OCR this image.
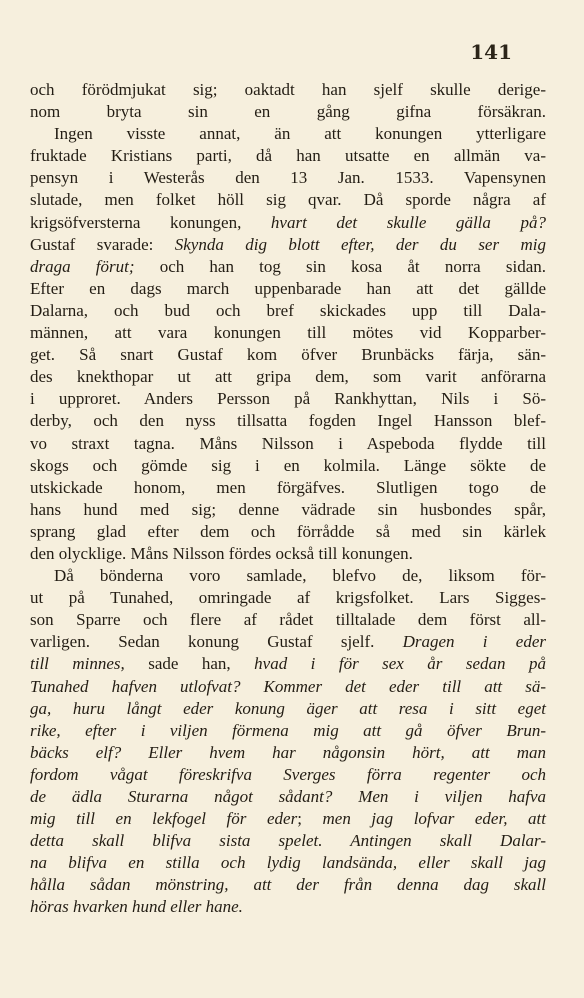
141
och förödmjukat sig; oaktadt han sjelf skulle derige-
nom bryta sin en gång gifna försäkran.
Ingen visste annat, än att konungen ytterligare
fruktade Kristians parti, då han utsatte en allmän va-
pensyn i Westerås den 13 Jan. 1533. Vapensynen
slutade, men folket höll sig qvar. Då sporde några af
krigsöfversterna konungen, hvart det skulle gälla på?
Gustaf svarade: Skynda dig blott efter, der du ser mig
draga förut; och han tog sin kosa åt norra sidan.
Efter en dags march uppenbarade han att det gällde
Dalarna, och bud och bref skickades upp till Dala-
männen, att vara konungen till mötes vid Kopparber-
get. Så snart Gustaf kom öfver Brunbäcks färja, sän-
des knekthopar ut att gripa dem, som varit anförarna
i upproret. Anders Persson på Rankhyttan, Nils i Sö-
derby, och den nyss tillsatta fogden Ingel Hansson blef-
vo straxt tagna. Måns Nilsson i Aspeboda flydde till
skogs och gömde sig i en kolmila. Länge sökte de
utskickade honom, men förgäfves. Slutligen togo de
hans hund med sig; denne vädrade sin husbondes spår,
sprang glad efter dem och förrådde så med sin kärlek
den olycklige. Måns Nilsson fördes också till konungen.
Då bönderna voro samlade, blefvo de, liksom för-
ut på Tunahed, omringade af krigsfolket. Lars Sigges-
son Sparre och flere af rådet tilltalade dem först all-
varligen. Sedan konung Gustaf sjelf. Dragen i eder
till minnes, sade han, hvad i för sex år sedan på
Tunahed hafven utlofvat? Kommer det eder till att sä-
ga, huru långt eder konung äger att resa i sitt eget
rike, efter i viljen förmena mig att gå öfver Brun-
bäcks elf? Eller hvem har någonsin hört, att man
fordom vågat föreskrifva Sverges förra regenter och
de ädla Sturarna något sådant? Men i viljen hafva
mig till en lekfogel för eder; men jag lofvar eder, att
detta skall blifva sista spelet. Antingen skall Dalar-
na blifva en stilla och lydig landsända, eller skall jag
hålla sådan mönstring, att der från denna dag skall
höras hvarken hund eller hane.
